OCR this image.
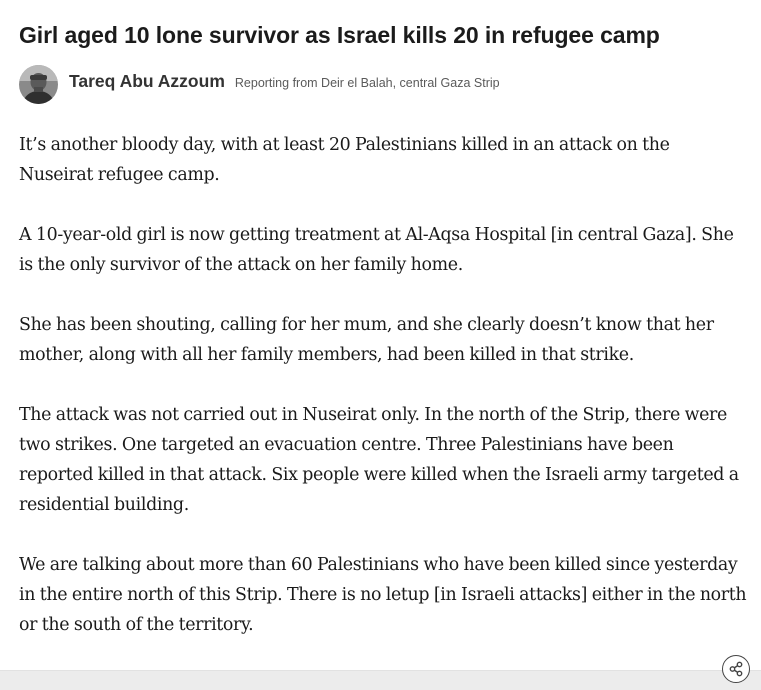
Girl aged 10 lone survivor as Israel kills 20 in refugee camp
Tareq Abu Azzoum Reporting from Deir el Balah, central Gaza Strip

It’s another bloody day, with at least 20 Palestinians killed in an attack on the Nuseirat refugee camp.

A 10-year-old girl is now getting treatment at Al-Aqsa Hospital [in central Gaza]. She is the only survivor of the attack on her family home.

She has been shouting, calling for her mum, and she clearly doesn’t know that her mother, along with all her family members, had been killed in that strike.

The attack was not carried out in Nuseirat only. In the north of the Strip, there were two strikes. One targeted an evacuation centre. Three Palestinians have been reported killed in that attack. Six people were killed when the Israeli army targeted a residential building.

We are talking about more than 60 Palestinians who have been killed since yesterday in the entire north of this Strip. There is no letup [in Israeli attacks] either in the north or the south of the territory.
